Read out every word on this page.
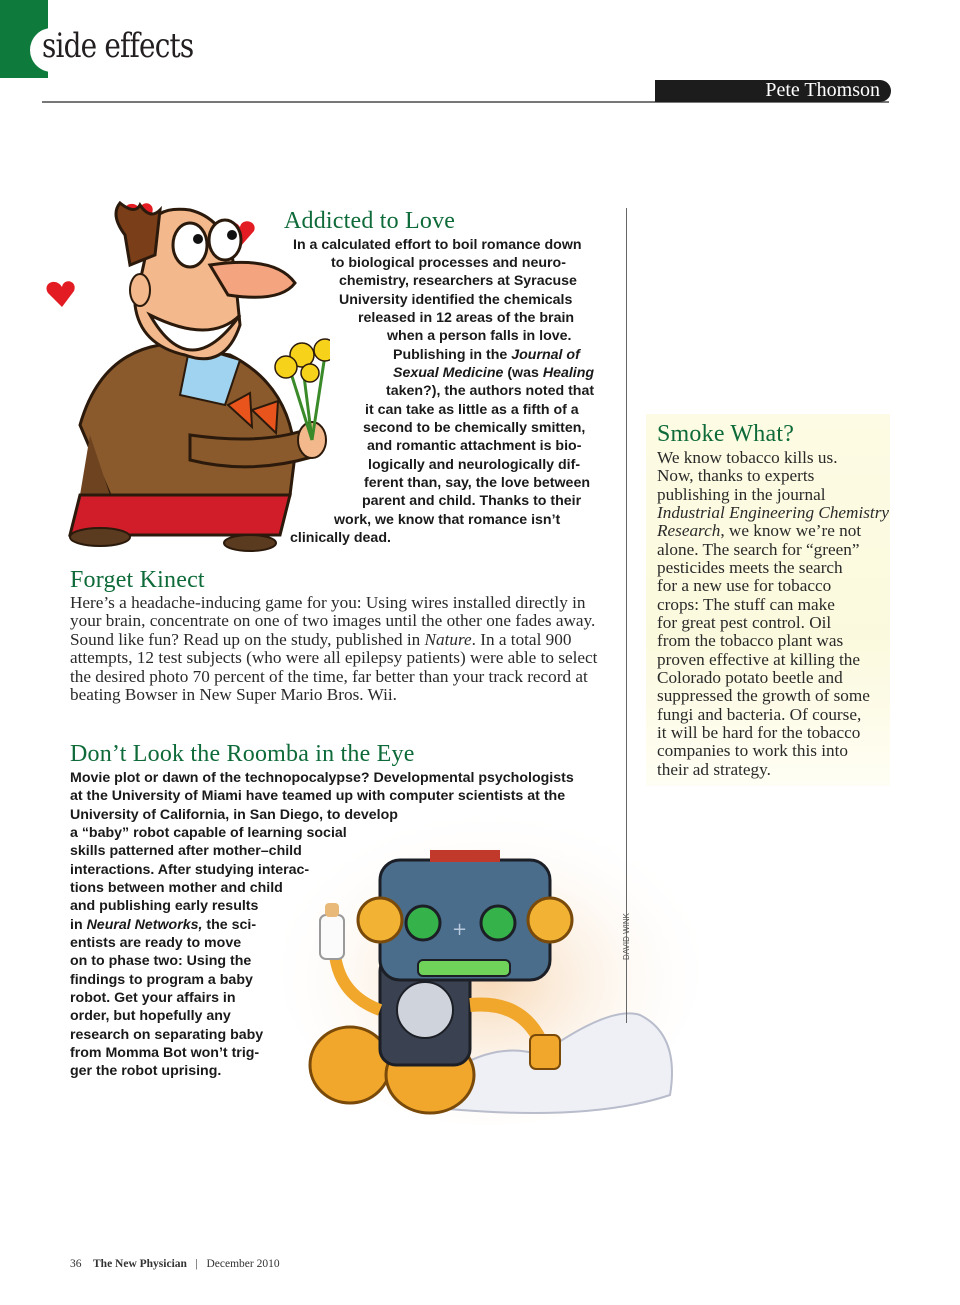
side effects
Pete Thomson
Addicted to Love
In a calculated effort to boil romance down
to biological processes and neuro-
chemistry, researchers at Syracuse
University identified the chemicals
released in 12 areas of the brain
when a person falls in love.
Publishing in the Journal of
Sexual Medicine (was Healing
taken?), the authors noted that
it can take as little as a fifth of a
second to be chemically smitten,
and romantic attachment is bio-
logically and neurologically dif-
ferent than, say, the love between
parent and child. Thanks to their
work, we know that romance isn’t
clinically dead.
Forget Kinect
Here’s a headache-inducing game for you: Using wires installed directly in your brain, concentrate on one of two images until the other one fades away. Sound like fun? Read up on the study, published in Nature. In a total 900 attempts, 12 test subjects (who were all epilepsy patients) were able to select the desired photo 70 percent of the time, far better than your track record at beating Bowser in New Super Mario Bros. Wii.
+
Don’t Look the Roomba in the Eye
Movie plot or dawn of the technopocalypse? Developmental psychologists
at the University of Miami have teamed up with computer scientists at the
University of California, in San Diego, to develop
a “baby” robot capable of learning social
skills patterned after mother–child
interactions. After studying interac-
tions between mother and child
and publishing early results
in Neural Networks, the sci-
entists are ready to move
on to phase two: Using the
findings to program a baby
robot. Get your affairs in
order, but hopefully any
research on separating baby
from Momma Bot won’t trig-
ger the robot uprising.
DAVID WINK
Smoke What?
We know tobacco kills us.
Now, thanks to experts
publishing in the journal
Industrial Engineering Chemistry
Research, we know we’re not
alone. The search for “green”
pesticides meets the search
for a new use for tobacco
crops: The stuff can make
for great pest control. Oil
from the tobacco plant was
proven effective at killing the
Colorado potato beetle and
suppressed the growth of some
fungi and bacteria. Of course,
it will be hard for the tobacco
companies to work this into
their ad strategy.
36 The New Physician | December 2010
